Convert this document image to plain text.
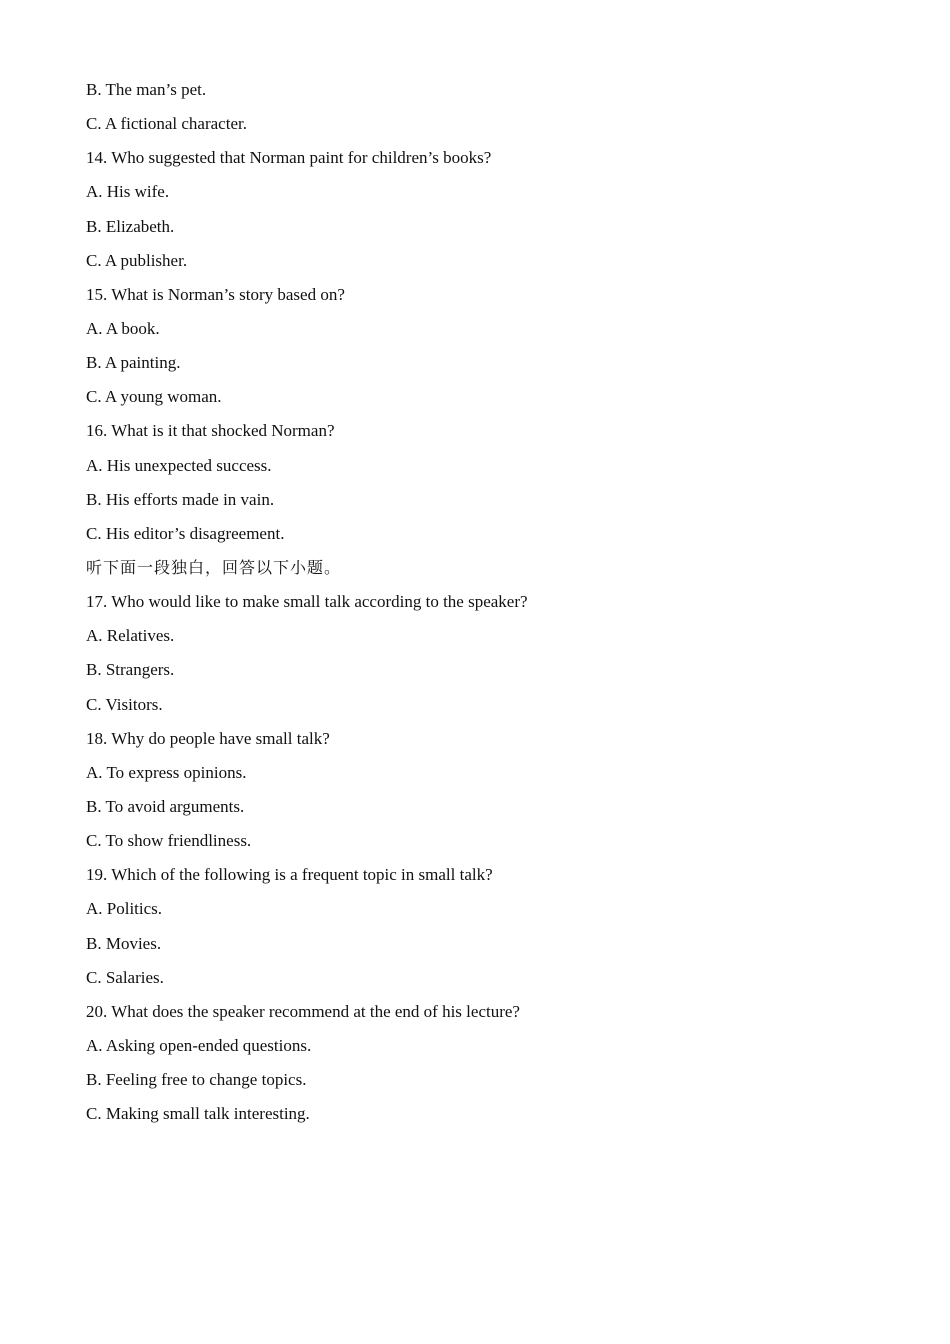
B. The man’s pet.
C. A fictional character.
14. Who suggested that Norman paint for children’s books?
A. His wife.
B. Elizabeth.
C. A publisher.
15. What is Norman’s story based on?
A. A book.
B. A painting.
C. A young woman.
16. What is it that shocked Norman?
A. His unexpected success.
B. His efforts made in vain.
C. His editor’s disagreement.
听下面一段独白，回答以下小题。
17. Who would like to make small talk according to the speaker?
A. Relatives.
B. Strangers.
C. Visitors.
18. Why do people have small talk?
A. To express opinions.
B. To avoid arguments.
C. To show friendliness.
19. Which of the following is a frequent topic in small talk?
A. Politics.
B. Movies.
C. Salaries.
20. What does the speaker recommend at the end of his lecture?
A. Asking open-ended questions.
B. Feeling free to change topics.
C. Making small talk interesting.
